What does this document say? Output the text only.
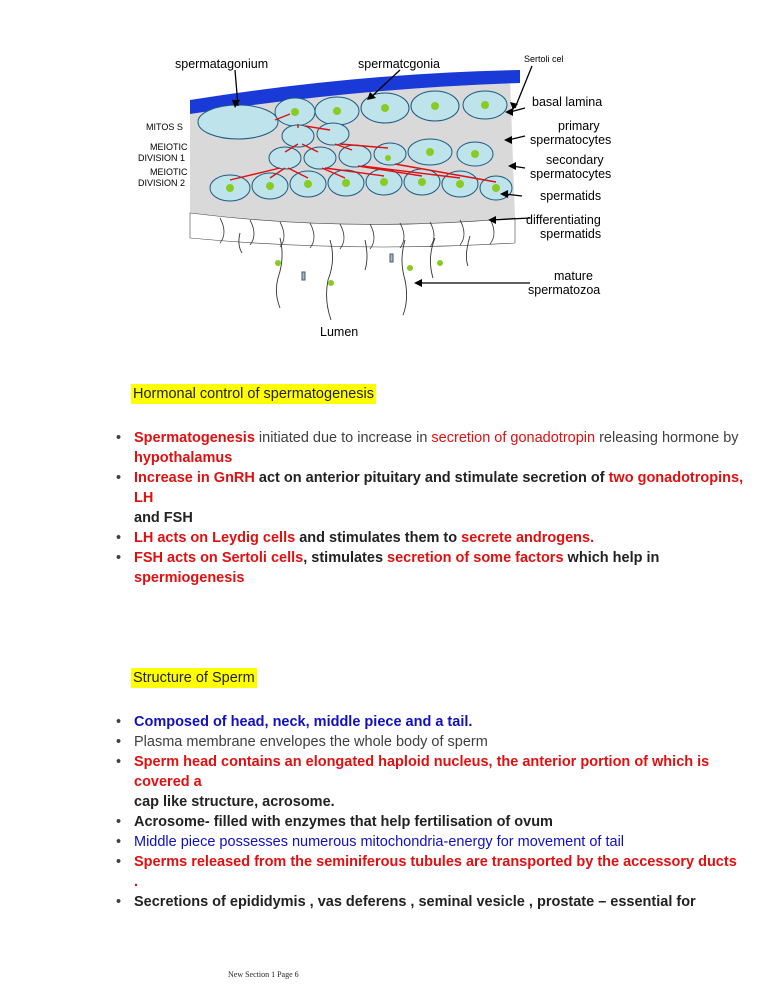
spermatagonium	spermatcgonia	Sertoli cel
basal lamina
MITOS S
MEIOTIC
DIVISION 1
MEIOTIC
DIVISION 2
primary
spermatocytes
secondary
spermatocytes
spermatids
differentiating
spermatids
mature
spermatozoa
Lumen
Hormonal control of spermatogenesis
• Spermatogenesis initiated due to increase in secretion of gonadotropin releasing hormone by
hypothalamus
• Increase in GnRH act on anterior pituitary and stimulate secretion of two gonadotropins, LH
and FSH
• LH acts on Leydig cells and stimulates them to secrete androgens.
• FSH acts on Sertoli cells, stimulates secretion of some factors which help in
spermiogenesis
Structure of Sperm
• Composed of head, neck, middle piece and a tail.
• Plasma membrane envelopes the whole body of sperm
• Sperm head contains an elongated haploid nucleus, the anterior portion of which is covered a
cap like structure, acrosome.
• Acrosome- filled with enzymes that help fertilisation of ovum
• Middle piece possesses numerous mitochondria-energy for movement of tail
• Sperms released from the seminiferous tubules are transported by the accessory ducts .
• Secretions of epididymis , vas deferens , seminal vesicle , prostate – essential for
New Section 1 Page 6
